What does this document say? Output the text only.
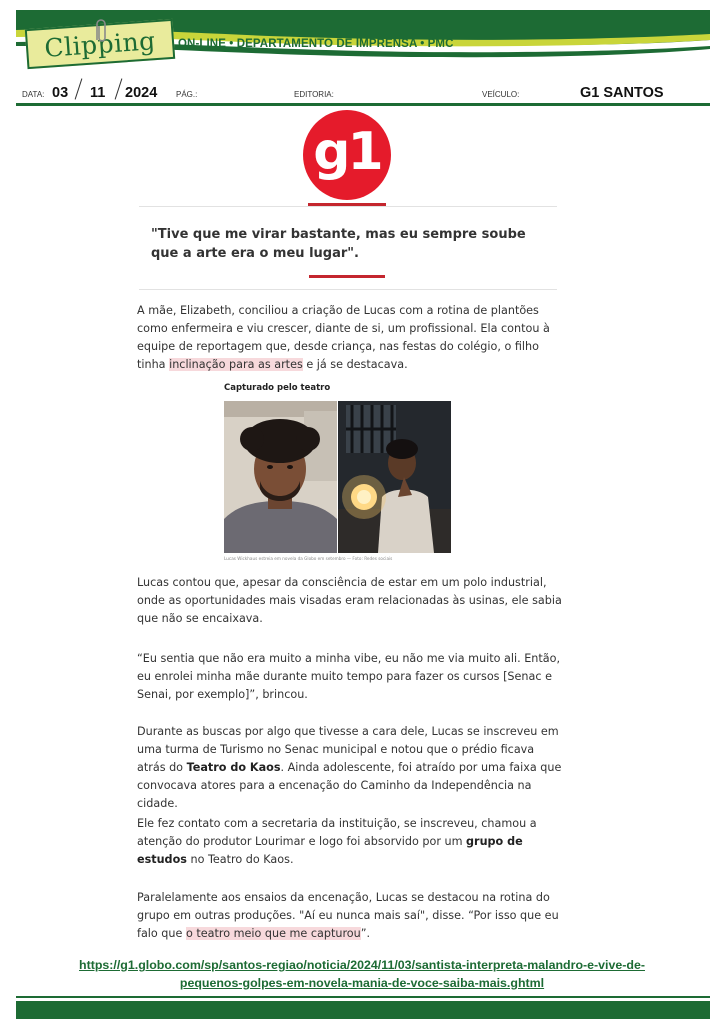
Clipping ON-LINE • DEPARTAMENTO DE IMPRENSA • PMC
DATA: 03 11 2024 PÁG.:	EDITORIA:	VEÍCULO:	G1 SANTOS
g1
"Tive que me virar bastante, mas eu sempre soube que a arte era o meu lugar".
A mãe, Elizabeth, conciliou a criação de Lucas com a rotina de plantões como enfermeira e viu crescer, diante de si, um profissional. Ela contou à equipe de reportagem que, desde criança, nas festas do colégio, o filho tinha inclinação para as artes e já se destacava.
Capturado pelo teatro
Lucas Wickhaus estreia em novela da Globo em setembro — Foto: Redes sociais
Lucas contou que, apesar da consciência de estar em um polo industrial, onde as oportunidades mais visadas eram relacionadas às usinas, ele sabia que não se encaixava.
“Eu sentia que não era muito a minha vibe, eu não me via muito ali. Então, eu enrolei minha mãe durante muito tempo para fazer os cursos [Senac e Senai, por exemplo]”, brincou.
Durante as buscas por algo que tivesse a cara dele, Lucas se inscreveu em uma turma de Turismo no Senac municipal e notou que o prédio ficava atrás do Teatro do Kaos. Ainda adolescente, foi atraído por uma faixa que convocava atores para a encenação do Caminho da Independência na cidade.
Ele fez contato com a secretaria da instituição, se inscreveu, chamou a atenção do produtor Lourimar e logo foi absorvido por um grupo de estudos no Teatro do Kaos.
Paralelamente aos ensaios da encenação, Lucas se destacou na rotina do grupo em outras produções. "Aí eu nunca mais saí", disse. “Por isso que eu falo que o teatro meio que me capturou”.
https://g1.globo.com/sp/santos-regiao/noticia/2024/11/03/santista-interpreta-malandro-e-vive-de-
pequenos-golpes-em-novela-mania-de-voce-saiba-mais.ghtml
